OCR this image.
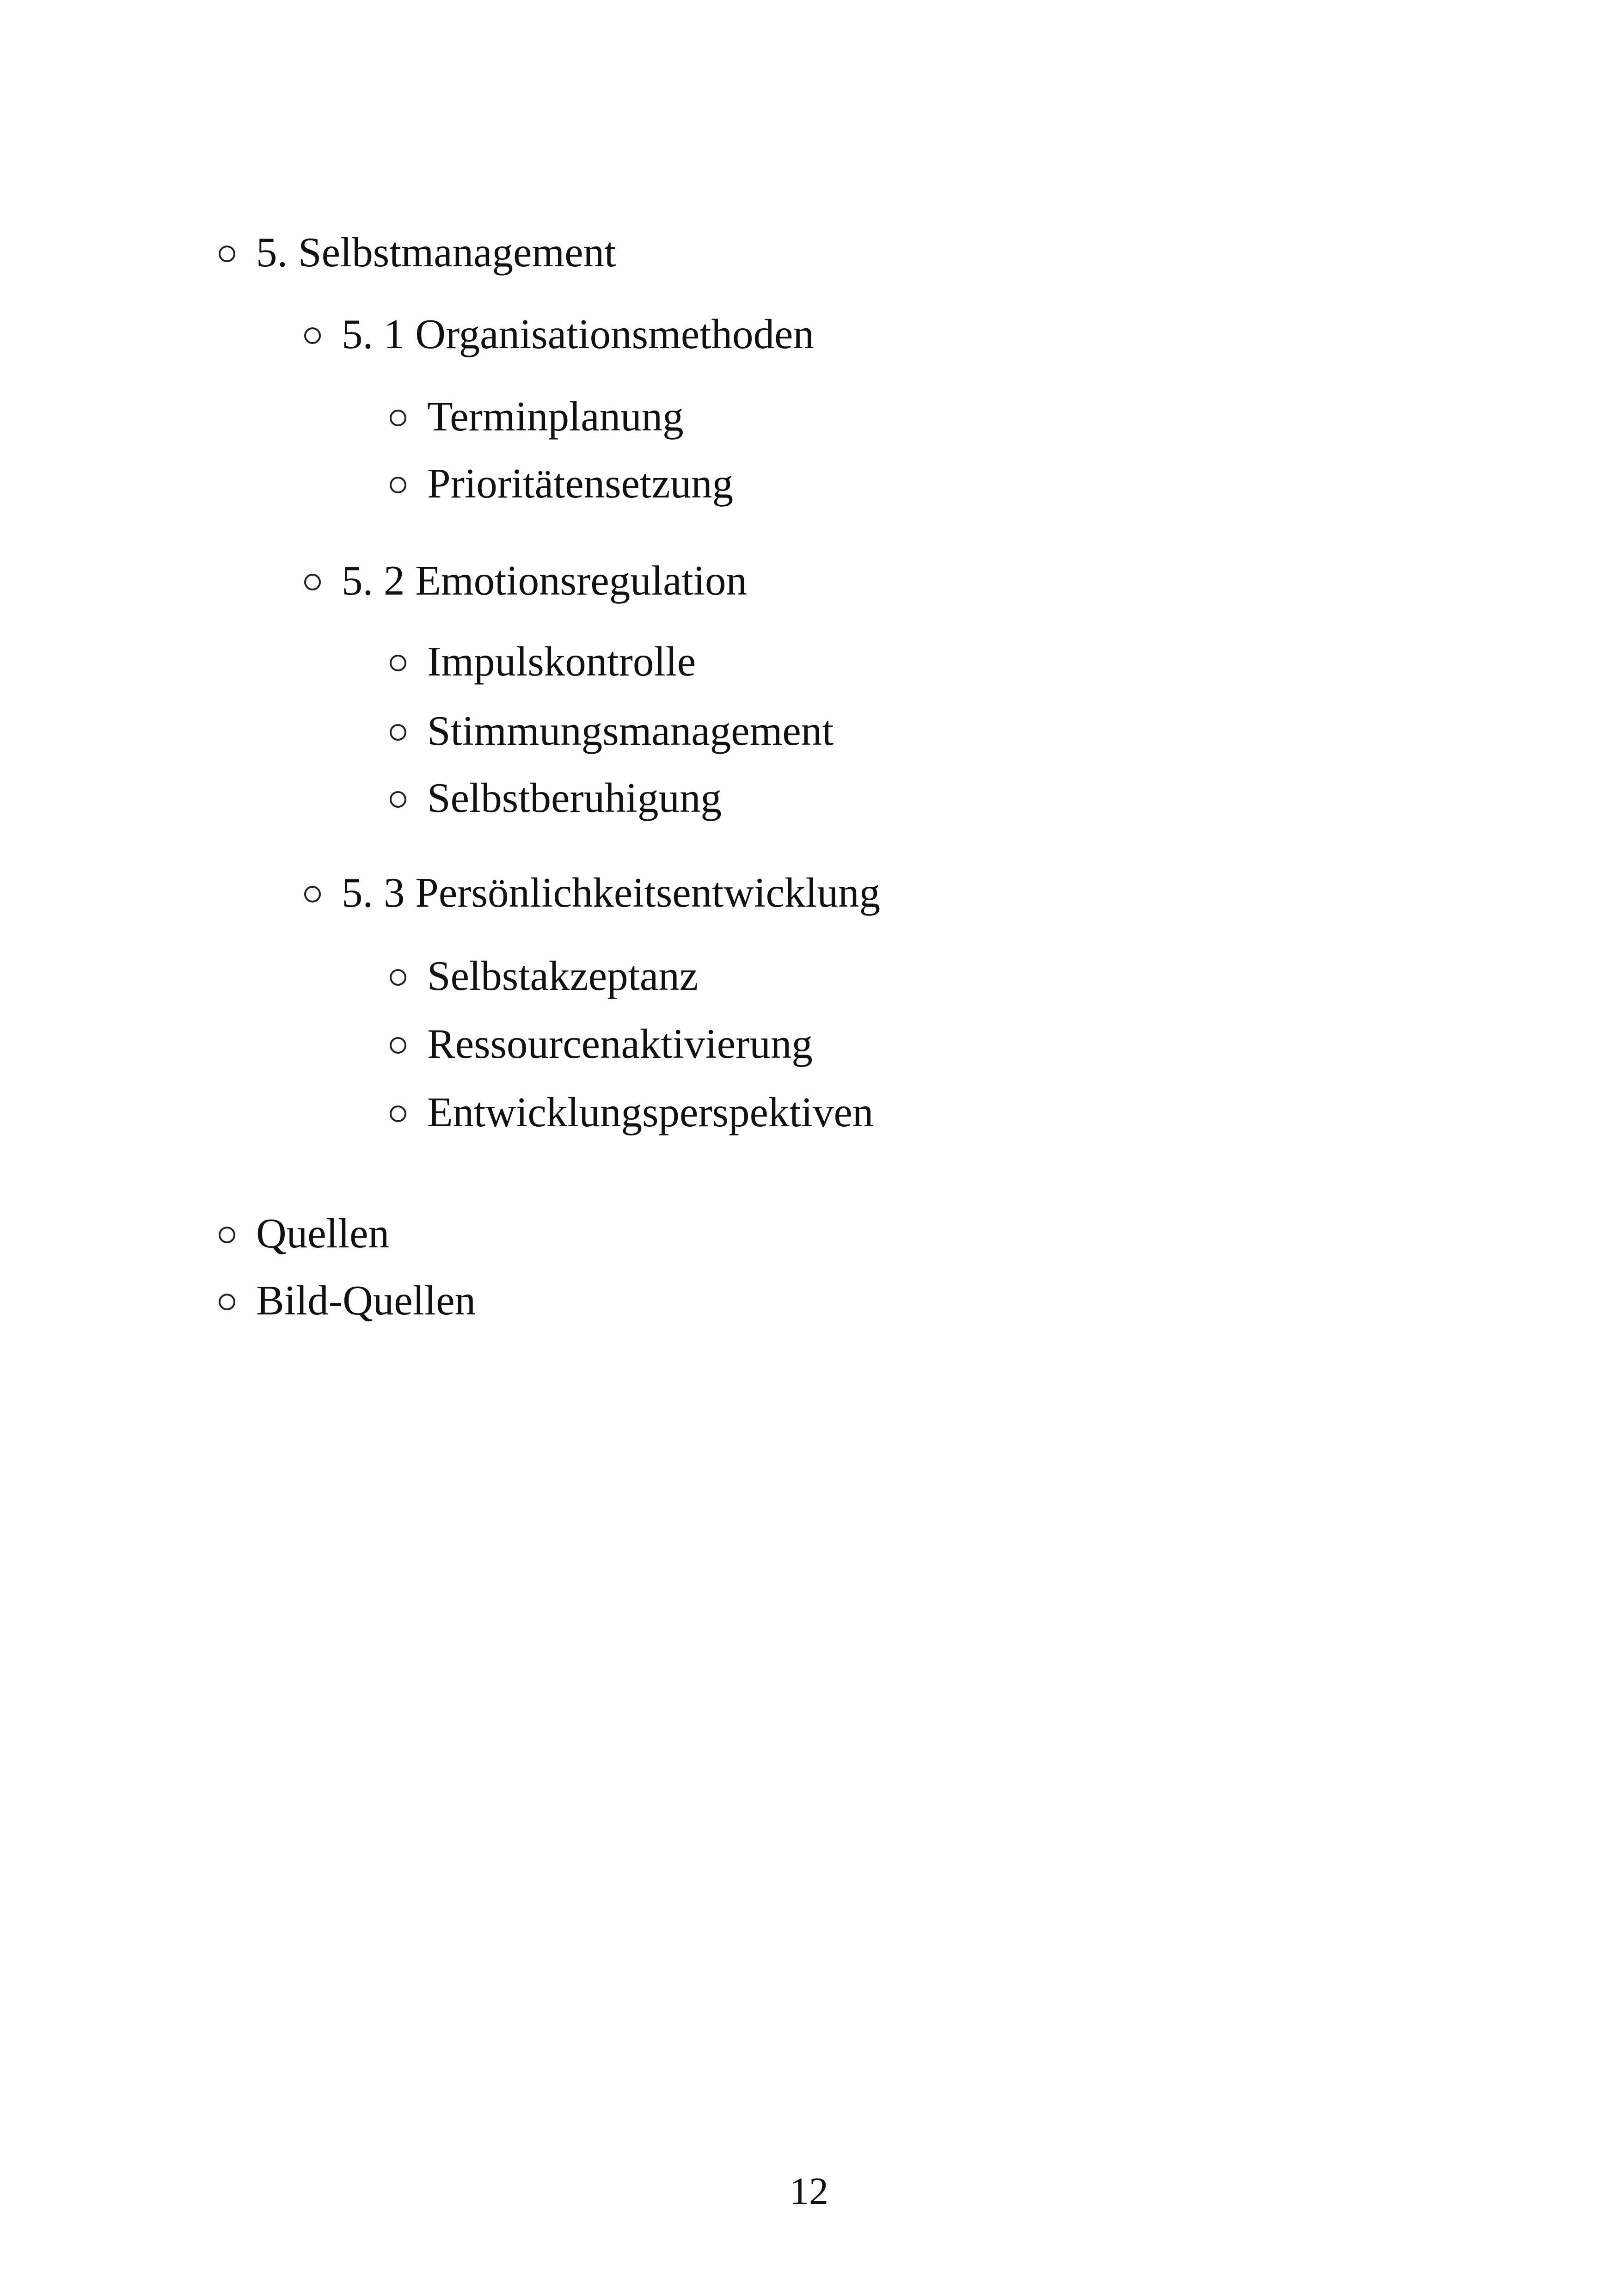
5. Selbstmanagement
5. 1 Organisationsmethoden
Terminplanung
Prioritätensetzung
5. 2 Emotionsregulation
Impulskontrolle
Stimmungsmanagement
Selbstberuhigung
5. 3 Persönlichkeitsentwicklung
Selbstakzeptanz
Ressourcenaktivierung
Entwicklungsperspektiven
Quellen
Bild-Quellen
12
